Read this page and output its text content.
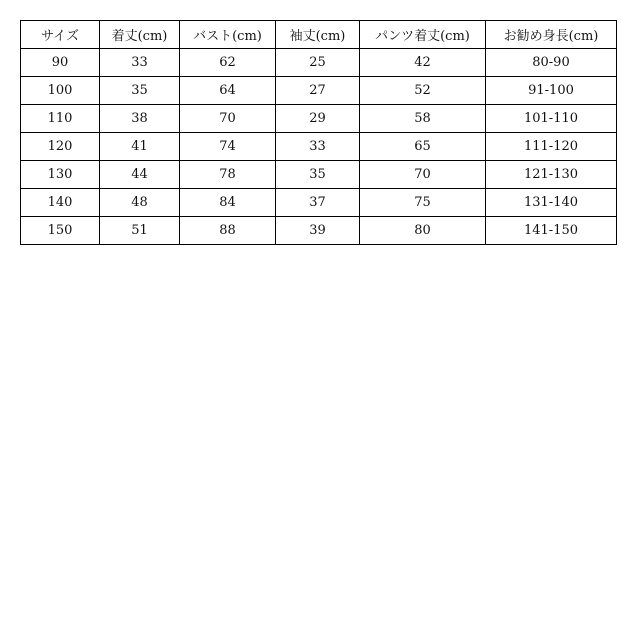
サイズ	着丈(cm)	バスト(cm)	袖丈(cm)	パンツ着丈(cm)	お勧め身長(cm)
90	33	62	25	42	80-90
100	35	64	27	52	91-100
110	38	70	29	58	101-110
120	41	74	33	65	111-120
130	44	78	35	70	121-130
140	48	84	37	75	131-140
150	51	88	39	80	141-150
